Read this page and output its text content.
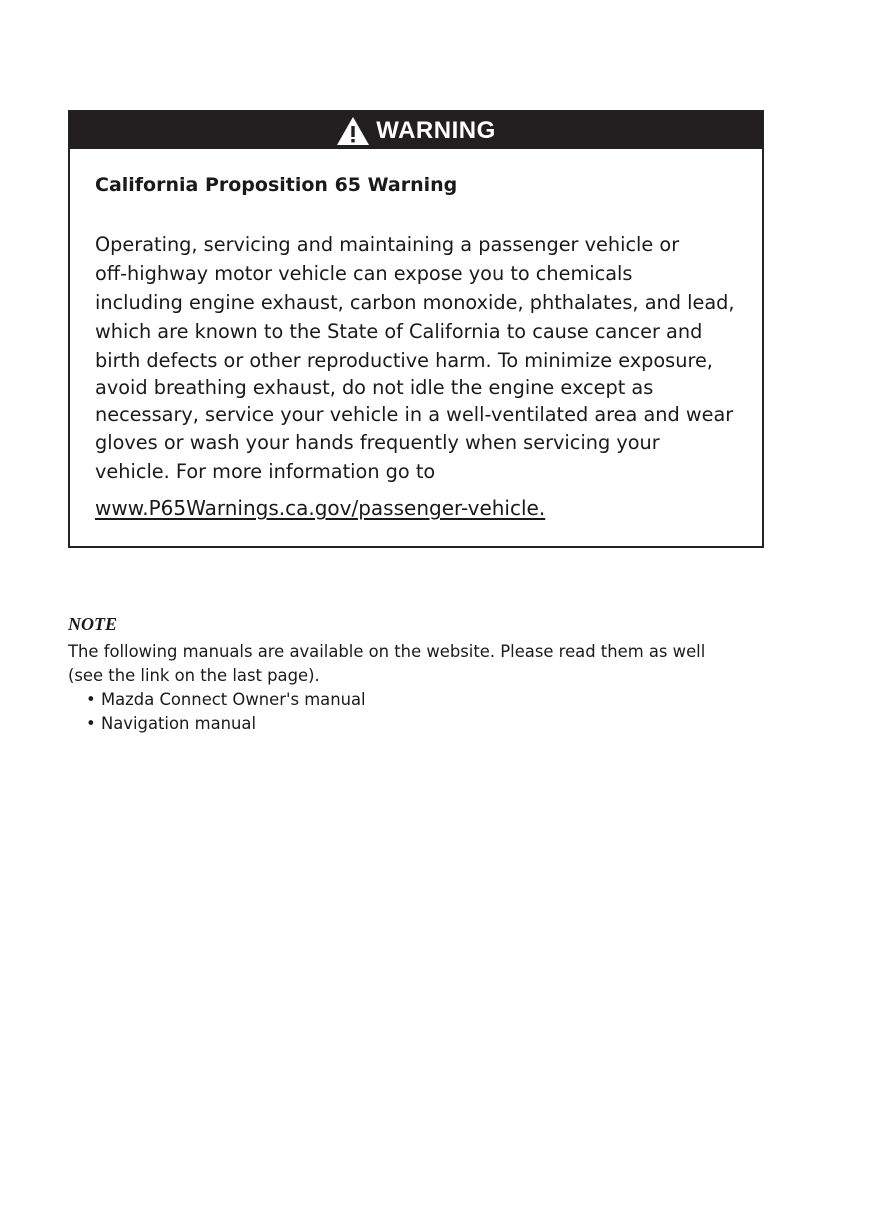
WARNING
California Proposition 65 Warning
Operating, servicing and maintaining a passenger vehicle or
off-highway motor vehicle can expose you to chemicals
including engine exhaust, carbon monoxide, phthalates, and lead,
which are known to the State of California to cause cancer and
birth defects or other reproductive harm. To minimize exposure,
avoid breathing exhaust, do not idle the engine except as
necessary, service your vehicle in a well-ventilated area and wear
gloves or wash your hands frequently when servicing your
vehicle. For more information go to
www.P65Warnings.ca.gov/passenger-vehicle.
NOTE
The following manuals are available on the website. Please read them as well
(see the link on the last page).
• Mazda Connect Owner's manual
• Navigation manual
